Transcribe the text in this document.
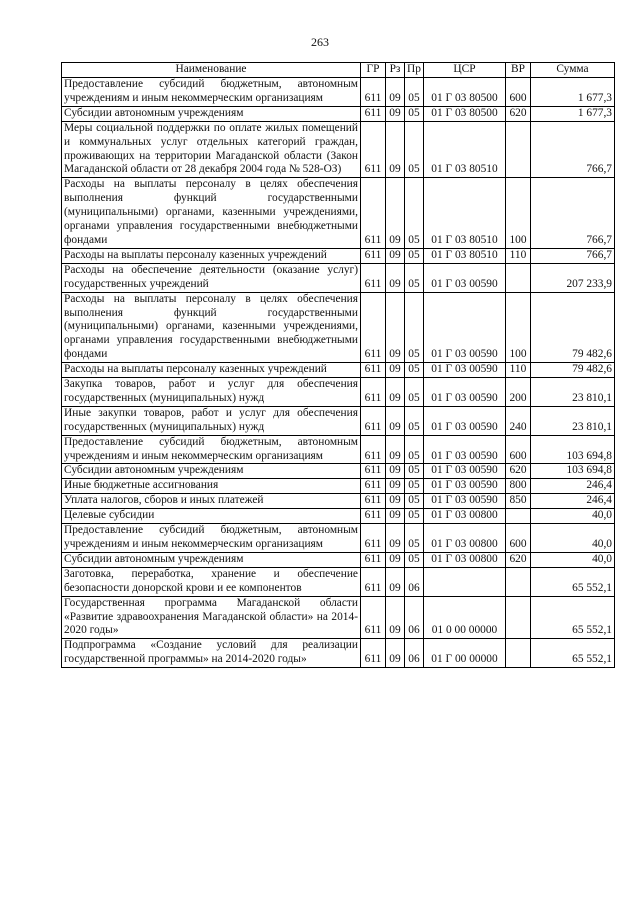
263
Наименование	ГР	Рз	Пр	ЦСР	ВР	Сумма
Предоставление субсидий бюджетным, автономным учреждениям и иным некоммерческим организациям	611	09	05	01 Г 03 80500	600	1 677,3
Субсидии автономным учреждениям	611	09	05	01 Г 03 80500	620	1 677,3
Меры социальной поддержки по оплате жилых помещений и коммунальных услуг отдельных категорий граждан, проживающих на территории Магаданской области (Закон Магаданской области от 28 декабря 2004 года № 528-ОЗ)	611	09	05	01 Г 03 80510		766,7
Расходы на выплаты персоналу в целях обеспечения выполнения функций государственными (муниципальными) органами, казенными учреждениями, органами управления государственными внебюджетными фондами	611	09	05	01 Г 03 80510	100	766,7
Расходы на выплаты персоналу казенных учреждений	611	09	05	01 Г 03 80510	110	766,7
Расходы на обеспечение деятельности (оказание услуг) государственных учреждений	611	09	05	01 Г 03 00590		207 233,9
Расходы на выплаты персоналу в целях обеспечения выполнения функций государственными (муниципальными) органами, казенными учреждениями, органами управления государственными внебюджетными фондами	611	09	05	01 Г 03 00590	100	79 482,6
Расходы на выплаты персоналу казенных учреждений	611	09	05	01 Г 03 00590	110	79 482,6
Закупка товаров, работ и услуг для обеспечения государственных (муниципальных) нужд	611	09	05	01 Г 03 00590	200	23 810,1
Иные закупки товаров, работ и услуг для обеспечения государственных (муниципальных) нужд	611	09	05	01 Г 03 00590	240	23 810,1
Предоставление субсидий бюджетным, автономным учреждениям и иным некоммерческим организациям	611	09	05	01 Г 03 00590	600	103 694,8
Субсидии автономным учреждениям	611	09	05	01 Г 03 00590	620	103 694,8
Иные бюджетные ассигнования	611	09	05	01 Г 03 00590	800	246,4
Уплата налогов, сборов и иных платежей	611	09	05	01 Г 03 00590	850	246,4
Целевые субсидии	611	09	05	01 Г 03 00800		40,0
Предоставление субсидий бюджетным, автономным учреждениям и иным некоммерческим организациям	611	09	05	01 Г 03 00800	600	40,0
Субсидии автономным учреждениям	611	09	05	01 Г 03 00800	620	40,0
Заготовка, переработка, хранение и обеспечение безопасности донорской крови и ее компонентов	611	09	06			65 552,1
Государственная программа Магаданской области «Развитие здравоохранения Магаданской области» на 2014-2020 годы»	611	09	06	01 0 00 00000		65 552,1
Подпрограмма «Создание условий для реализации государственной программы» на 2014-2020 годы»	611	09	06	01 Г 00 00000		65 552,1
